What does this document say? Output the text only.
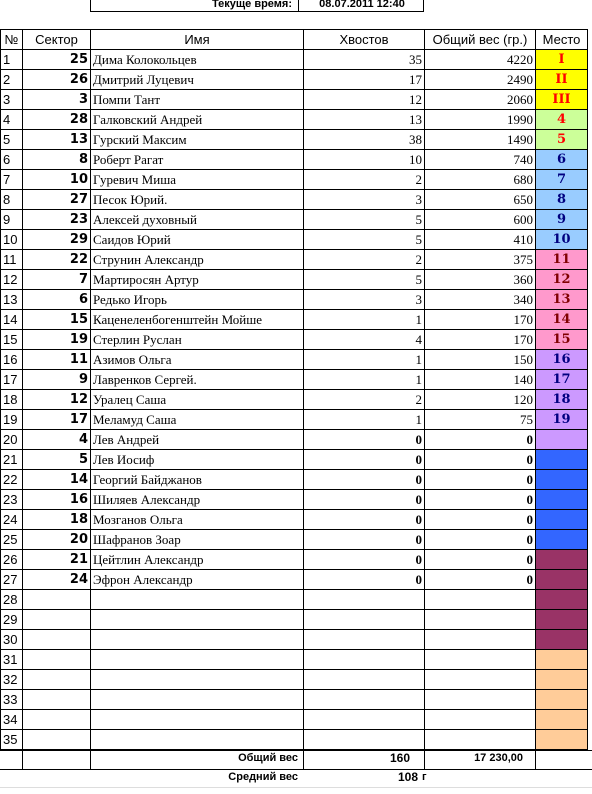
Текуще время:	08.07.2011 12:40
№	Сектор	Имя	Хвостов	Общий вес (гр.)	Место
1	25	Дима Колокольцев	35	4220	I
2	26	Дмитрий Луцевич	17	2490	II
3	3	Помпи Тант	12	2060	III
4	28	Галковский Андрей	13	1990	4
5	13	Гурский Максим	38	1490	5
6	8	Роберт Рагат	10	740	6
7	10	Гуревич Миша	2	680	7
8	27	Песок Юрий.	3	650	8
9	23	Алексей духовный	5	600	9
10	29	Саидов Юрий	5	410	10
11	22	Струнин Александр	2	375	11
12	7	Мартиросян Артур	5	360	12
13	6	Редько Игорь	3	340	13
14	15	Каценеленбогенштейн Мойше	1	170	14
15	19	Стерлин Руслан	4	170	15
16	11	Азимов Ольга	1	150	16
17	9	Лавренков Сергей.	1	140	17
18	12	Уралец Саша	2	120	18
19	17	Меламуд Саша	1	75	19
20	4	Лев Андрей	0	0	
21	5	Лев Иосиф	0	0	
22	14	Георгий Байджанов	0	0	
23	16	Шиляев Александр	0	0	
24	18	Мозганов Ольга	0	0	
25	20	Шафранов Зоар	0	0	
26	21	Цейтлин Александр	0	0	
27	24	Эфрон Александр	0	0	
28					
29					
30					
31					
32					
33					
34					
35					
Общий вес	160	17 230,00
Средний вес	108 г
